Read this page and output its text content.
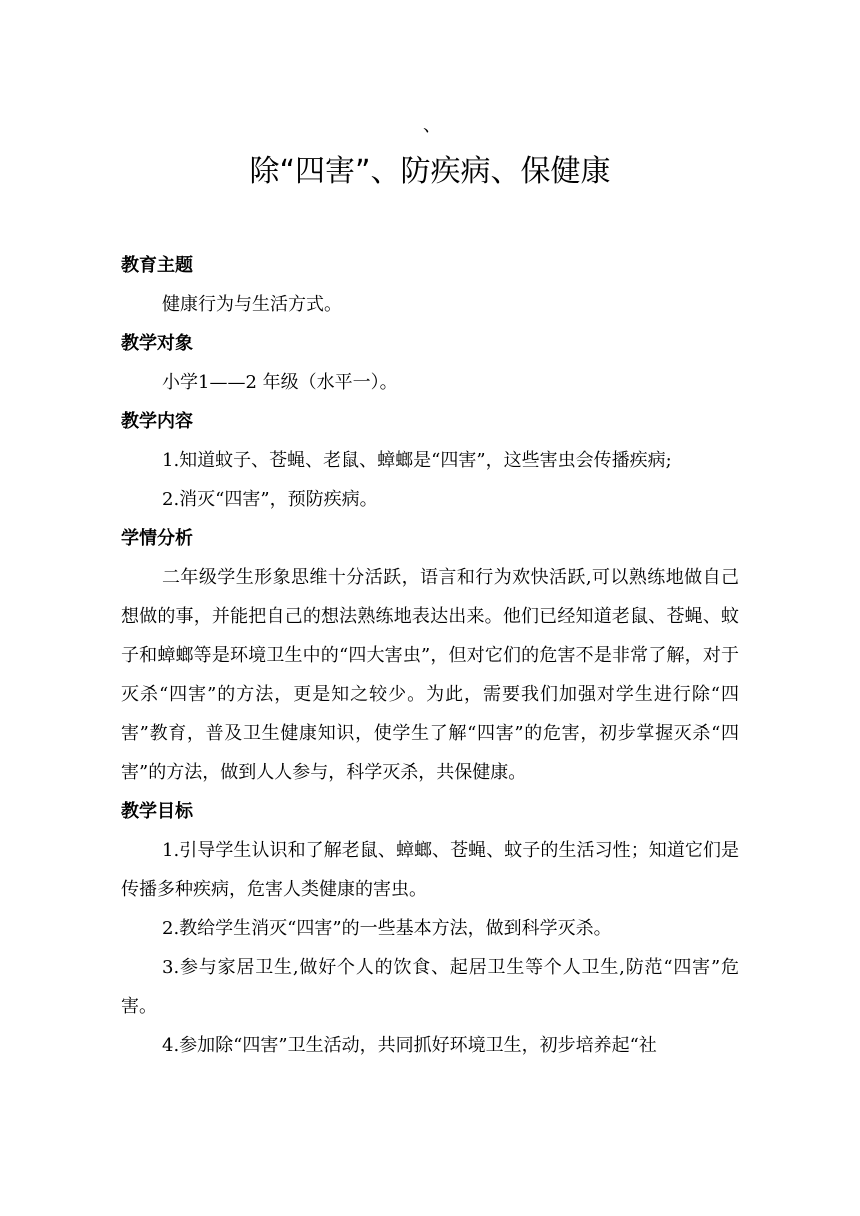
、
除“四害”、防疾病、保健康

教育主题

健康行为与生活方式。

教学对象

小学1——2 年级（水平一）。

教学内容

1.知道蚊子、苍蝇、老鼠、蟑螂是“四害”，这些害虫会传播疾病;

2.消灭“四害”，预防疾病。

学情分析

二年级学生形象思维十分活跃，语言和行为欢快活跃,可以熟练地做自己想做的事，并能把自己的想法熟练地表达出来。他们已经知道老鼠、苍蝇、蚊子和蟑螂等是环境卫生中的“四大害虫”，但对它们的危害不是非常了解，对于灭杀“四害”的方法，更是知之较少。为此，需要我们加强对学生进行除“四害”教育，普及卫生健康知识，使学生了解“四害”的危害，初步掌握灭杀“四害”的方法，做到人人参与，科学灭杀，共保健康。

教学目标

1.引导学生认识和了解老鼠、蟑螂、苍蝇、蚊子的生活习性；知道它们是传播多种疾病，危害人类健康的害虫。

2.教给学生消灭“四害”的一些基本方法，做到科学灭杀。

3.参与家居卫生,做好个人的饮食、起居卫生等个人卫生,防范“四害”危害。

4.参加除“四害”卫生活动，共同抓好环境卫生，初步培养起“社
